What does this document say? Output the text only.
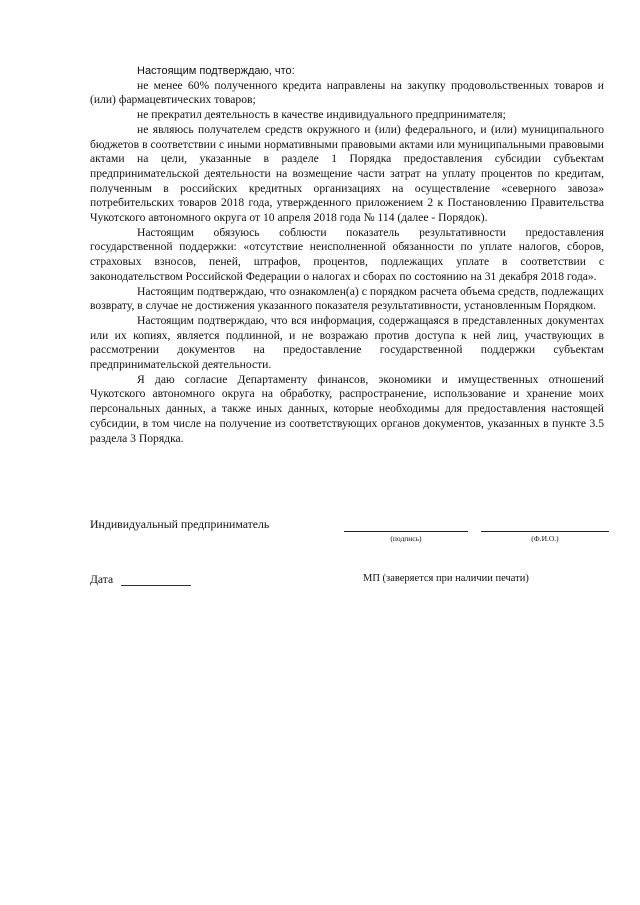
Настоящим подтверждаю, что:

не менее 60% полученного кредита направлены на закупку продовольственных товаров и (или) фармацевтических товаров;

не прекратил деятельность в качестве индивидуального предпринимателя;

не являюсь получателем средств окружного и (или) федерального, и (или) муниципального бюджетов в соответствии с иными нормативными правовыми актами или муниципальными правовыми актами на цели, указанные в разделе 1 Порядка предоставления субсидии субъектам предпринимательской деятельности на возмещение части затрат на уплату процентов по кредитам, полученным в российских кредитных организациях на осуществление «северного завоза» потребительских товаров 2018 года, утвержденного приложением 2 к Постановлению Правительства Чукотского автономного округа от 10 апреля 2018 года № 114 (далее - Порядок).

Настоящим обязуюсь соблюсти показатель результативности предоставления государственной поддержки: «отсутствие неисполненной обязанности по уплате налогов, сборов, страховых взносов, пеней, штрафов, процентов, подлежащих уплате в соответствии с законодательством Российской Федерации о налогах и сборах по состоянию на 31 декабря 2018 года».

Настоящим подтверждаю, что ознакомлен(а) с порядком расчета объема средств, подлежащих возврату, в случае не достижения указанного показателя результативности, установленным Порядком.

Настоящим подтверждаю, что вся информация, содержащаяся в представленных документах или их копиях, является подлинной, и не возражаю против доступа к ней лиц, участвующих в рассмотрении документов на предоставление государственной поддержки субъектам предпринимательской деятельности.

Я даю согласие Департаменту финансов, экономики и имущественных отношений Чукотского автономного округа на обработку, распространение, использование и хранение моих персональных данных, а также иных данных, которые необходимы для предоставления настоящей субсидии, в том числе на получение из соответствующих органов документов, указанных в пункте 3.5 раздела 3 Порядка.

Индивидуальный предприниматель
(подпись)	(Ф.И.О.)
Дата	МП (заверяется при наличии печати)
